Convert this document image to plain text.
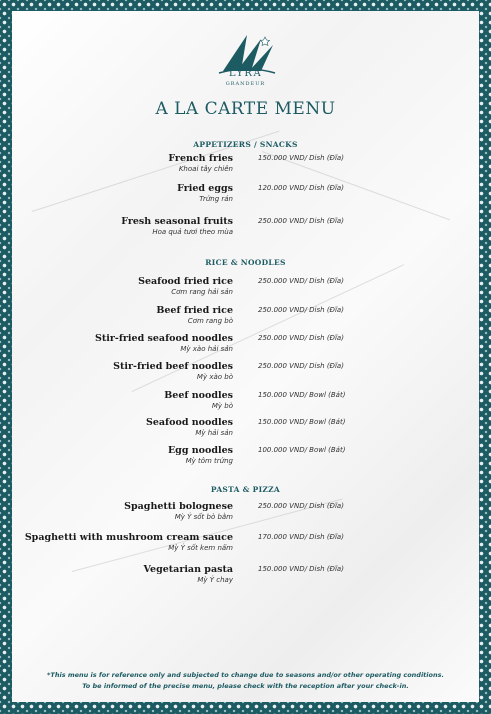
LYRA
GRANDEUR
A LA CARTE MENU
APPETIZERS / SNACKS
French fries
Khoai tây chiên
150.000 VND/ Dish (Đĩa)
Fried eggs
Trứng rán
120.000 VND/ Dish (Đĩa)
Fresh seasonal fruits
Hoa quả tươi theo mùa
250.000 VND/ Dish (Đĩa)
RICE & NOODLES
Seafood fried rice
Cơm rang hải sản
250.000 VND/ Dish (Đĩa)
Beef fried rice
Cơm rang bò
250.000 VND/ Dish (Đĩa)
Stir-fried seafood noodles
Mỳ xào hải sản
250.000 VND/ Dish (Đĩa)
Stir-fried beef noodles
Mỳ xào bò
250.000 VND/ Dish (Đĩa)
Beef noodles
Mỳ bò
150.000 VND/ Bowl (Bát)
Seafood noodles
Mỳ hải sản
150.000 VND/ Bowl (Bát)
Egg noodles
Mỳ tôm trứng
100.000 VND/ Bowl (Bát)
PASTA & PIZZA
Spaghetti bolognese
Mỳ Ý sốt bò bằm
250.000 VND/ Dish (Đĩa)
Spaghetti with mushroom cream sauce
Mỳ Ý sốt kem nấm
170.000 VND/ Dish (Đĩa)
Vegetarian pasta
Mỳ Ý chay
150.000 VND/ Dish (Đĩa)
*This menu is for reference only and subjected to change due to seasons and/or other operating conditions.
To be informed of the precise menu, please check with the reception after your check-in.
